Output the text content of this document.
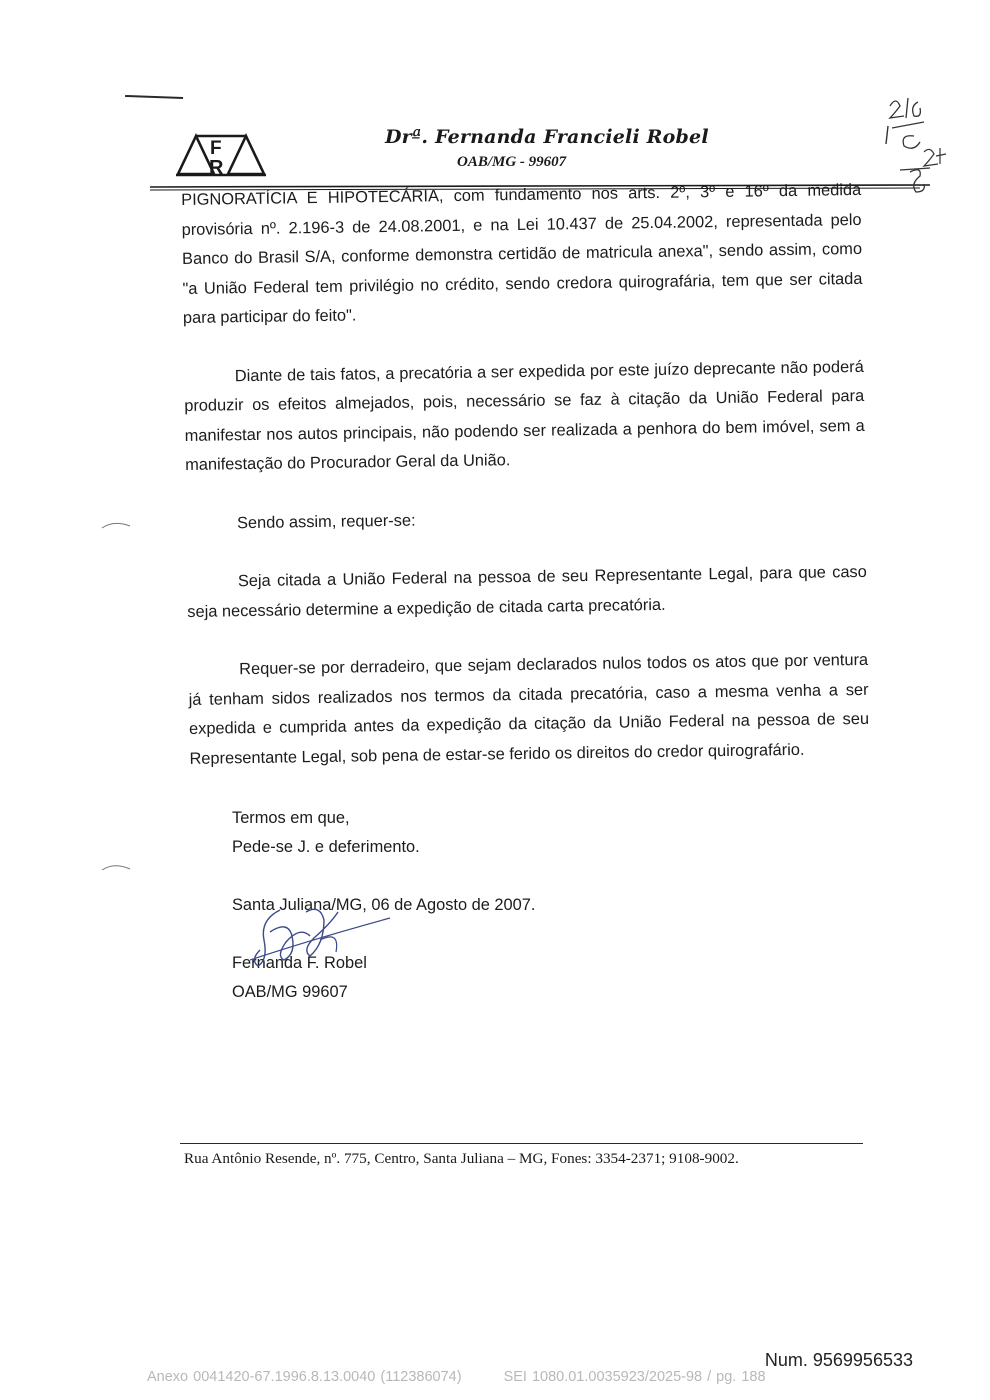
F
R
Drª. Fernanda Francieli Robel
OAB/MG - 99607

PIGNORATÍCIA E HIPOTECÁRIA, com fundamento nos arts. 2º, 3º e 16º da medida provisória nº. 2.196-3 de 24.08.2001, e na Lei 10.437 de 25.04.2002, representada pelo Banco do Brasil S/A, conforme demonstra certidão de matricula anexa", sendo assim, como "a União Federal tem privilégio no crédito, sendo credora quirografária, tem que ser citada para participar do feito".

Diante de tais fatos, a precatória a ser expedida por este juízo deprecante não poderá produzir os efeitos almejados, pois, necessário se faz à citação da União Federal para manifestar nos autos principais, não podendo ser realizada a penhora do bem imóvel, sem a manifestação do Procurador Geral da União.

Sendo assim, requer-se:

Seja citada a União Federal na pessoa de seu Representante Legal, para que caso seja necessário determine a expedição de citada carta precatória.

Requer-se por derradeiro, que sejam declarados nulos todos os atos que por ventura já tenham sidos realizados nos termos da citada precatória, caso a mesma venha a ser expedida e cumprida antes da expedição da citação da União Federal na pessoa de seu Representante Legal, sob pena de estar-se ferido os direitos do credor quirografário.

Termos em que,
Pede-se J. e deferimento.
Santa Juliana/MG, 06 de Agosto de 2007.
Fernanda F. Robel
OAB/MG 99607
Rua Antônio Resende, nº. 775, Centro, Santa Juliana – MG, Fones: 3354-2371; 9108-9002.
Num. 9569956533
Anexo 0041420-67.1996.8.13.0040 (112386074)	SEI 1080.01.0035923/2025-98 / pg. 188
